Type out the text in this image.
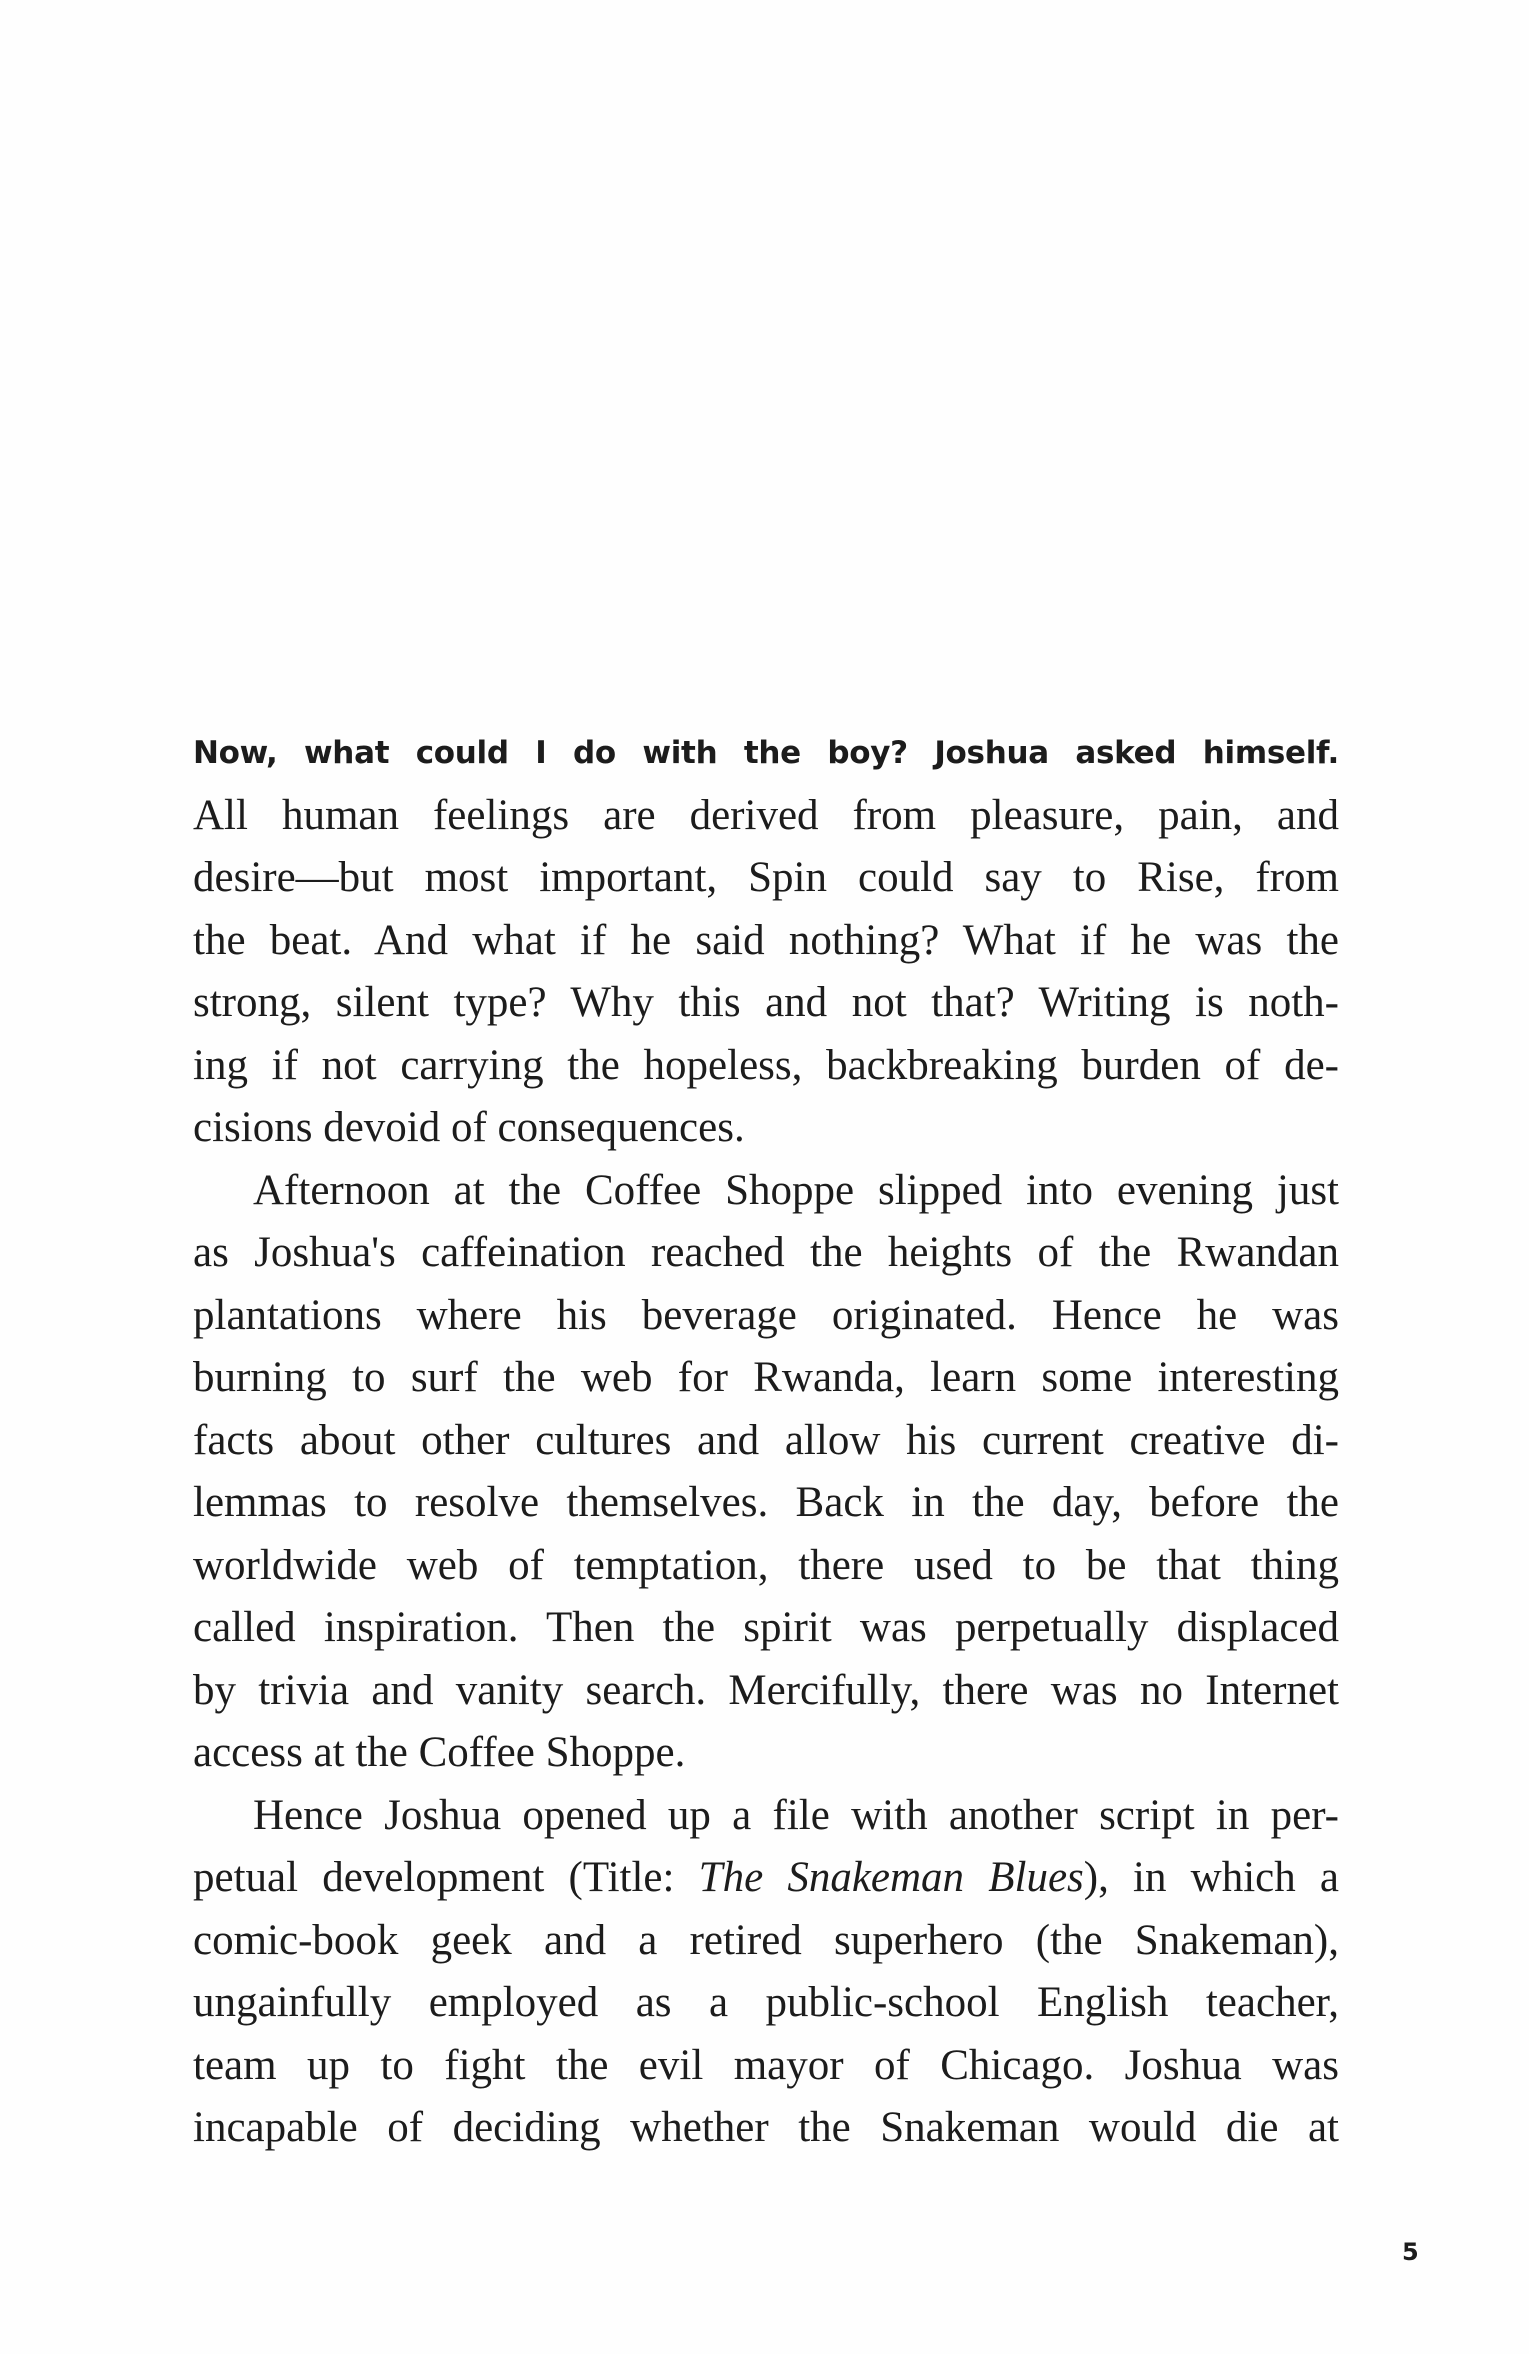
Now, what could I do with the boy? Joshua asked himself.
All human feelings are derived from pleasure, pain, and
desire—but most important, Spin could say to Rise, from
the beat. And what if he said nothing? What if he was the
strong, silent type? Why this and not that? Writing is noth-
ing if not carrying the hopeless, backbreaking burden of de-
cisions devoid of consequences.
Afternoon at the Coffee Shoppe slipped into evening just
as Joshua's caffeination reached the heights of the Rwandan
plantations where his beverage originated. Hence he was
burning to surf the web for Rwanda, learn some interesting
facts about other cultures and allow his current creative di-
lemmas to resolve themselves. Back in the day, before the
worldwide web of temptation, there used to be that thing
called inspiration. Then the spirit was perpetually displaced
by trivia and vanity search. Mercifully, there was no Internet
access at the Coffee Shoppe.
Hence Joshua opened up a file with another script in per-
petual development (Title: The Snakeman Blues), in which a
comic-book geek and a retired superhero (the Snakeman),
ungainfully employed as a public-school English teacher,
team up to fight the evil mayor of Chicago. Joshua was
incapable of deciding whether the Snakeman would die at
5
